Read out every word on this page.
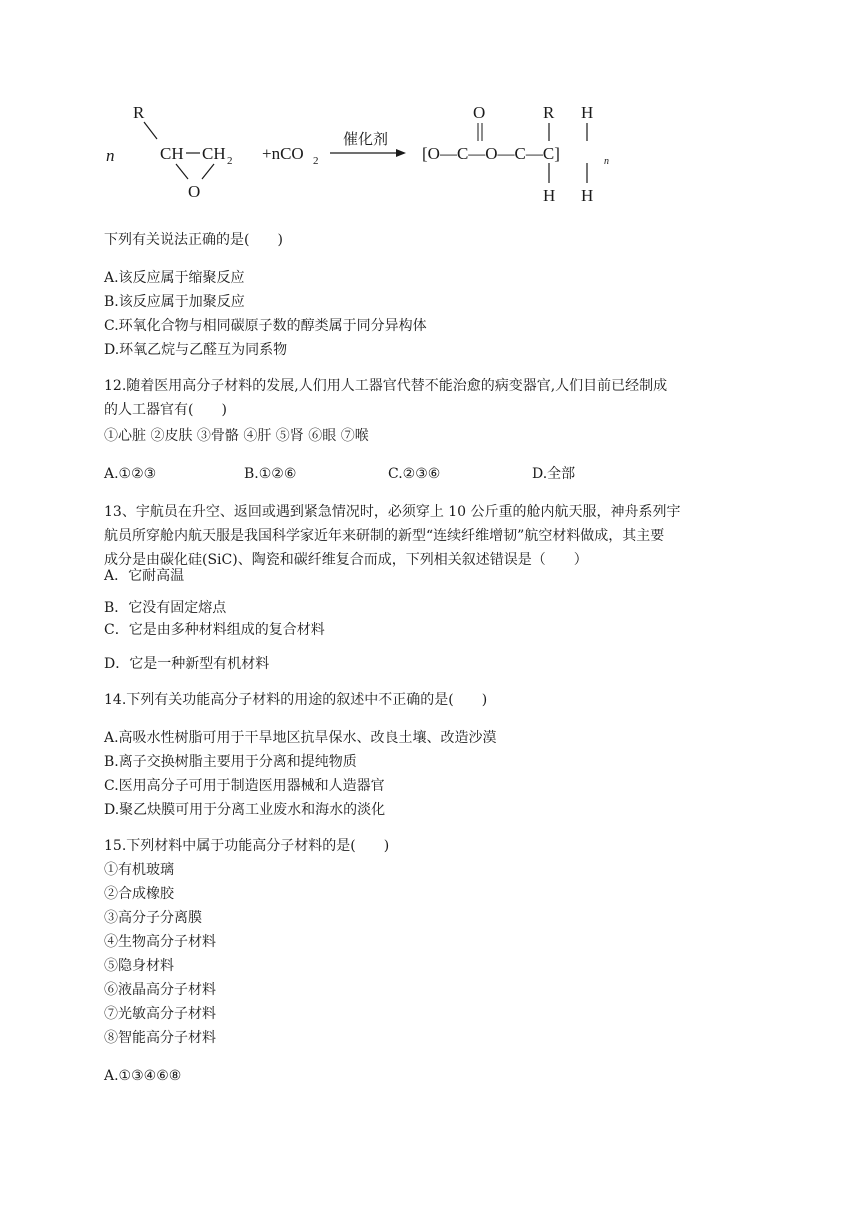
n
R
CH CH 2
O
+nCO 2
催化剂
[O—C—O—C—C]	n
O	R H
H H
下列有关说法正确的是(　　)
A.该反应属于缩聚反应
B.该反应属于加聚反应
C.环氧化合物与相同碳原子数的醇类属于同分异构体
D.环氧乙烷与乙醛互为同系物
12.随着医用高分子材料的发展,人们用人工器官代替不能治愈的病变器官,人们目前已经制成
的人工器官有(　　)
①心脏 ②皮肤 ③骨骼 ④肝 ⑤肾 ⑥眼 ⑦喉
A.①②③	B.①②⑥	C.②③⑥	D.全部
13、宇航员在升空、返回或遇到紧急情况时，必须穿上 10 公斤重的舱内航天服，神舟系列宇
航员所穿舱内航天服是我国科学家近年来研制的新型“连续纤维增韧”航空材料做成，其主要
成分是由碳化硅(SiC)、陶瓷和碳纤维复合而成，下列相关叙述错误是（　　）
A．它耐高温
B．它没有固定熔点
C．它是由多种材料组成的复合材料
D．它是一种新型有机材料
14.下列有关功能高分子材料的用途的叙述中不正确的是(　　)
A.高吸水性树脂可用于干旱地区抗旱保水、改良土壤、改造沙漠
B.离子交换树脂主要用于分离和提纯物质
C.医用高分子可用于制造医用器械和人造器官
D.聚乙炔膜可用于分离工业废水和海水的淡化
15.下列材料中属于功能高分子材料的是(　　)
①有机玻璃
②合成橡胶
③高分子分离膜
④生物高分子材料
⑤隐身材料
⑥液晶高分子材料
⑦光敏高分子材料
⑧智能高分子材料
A.①③④⑥⑧
